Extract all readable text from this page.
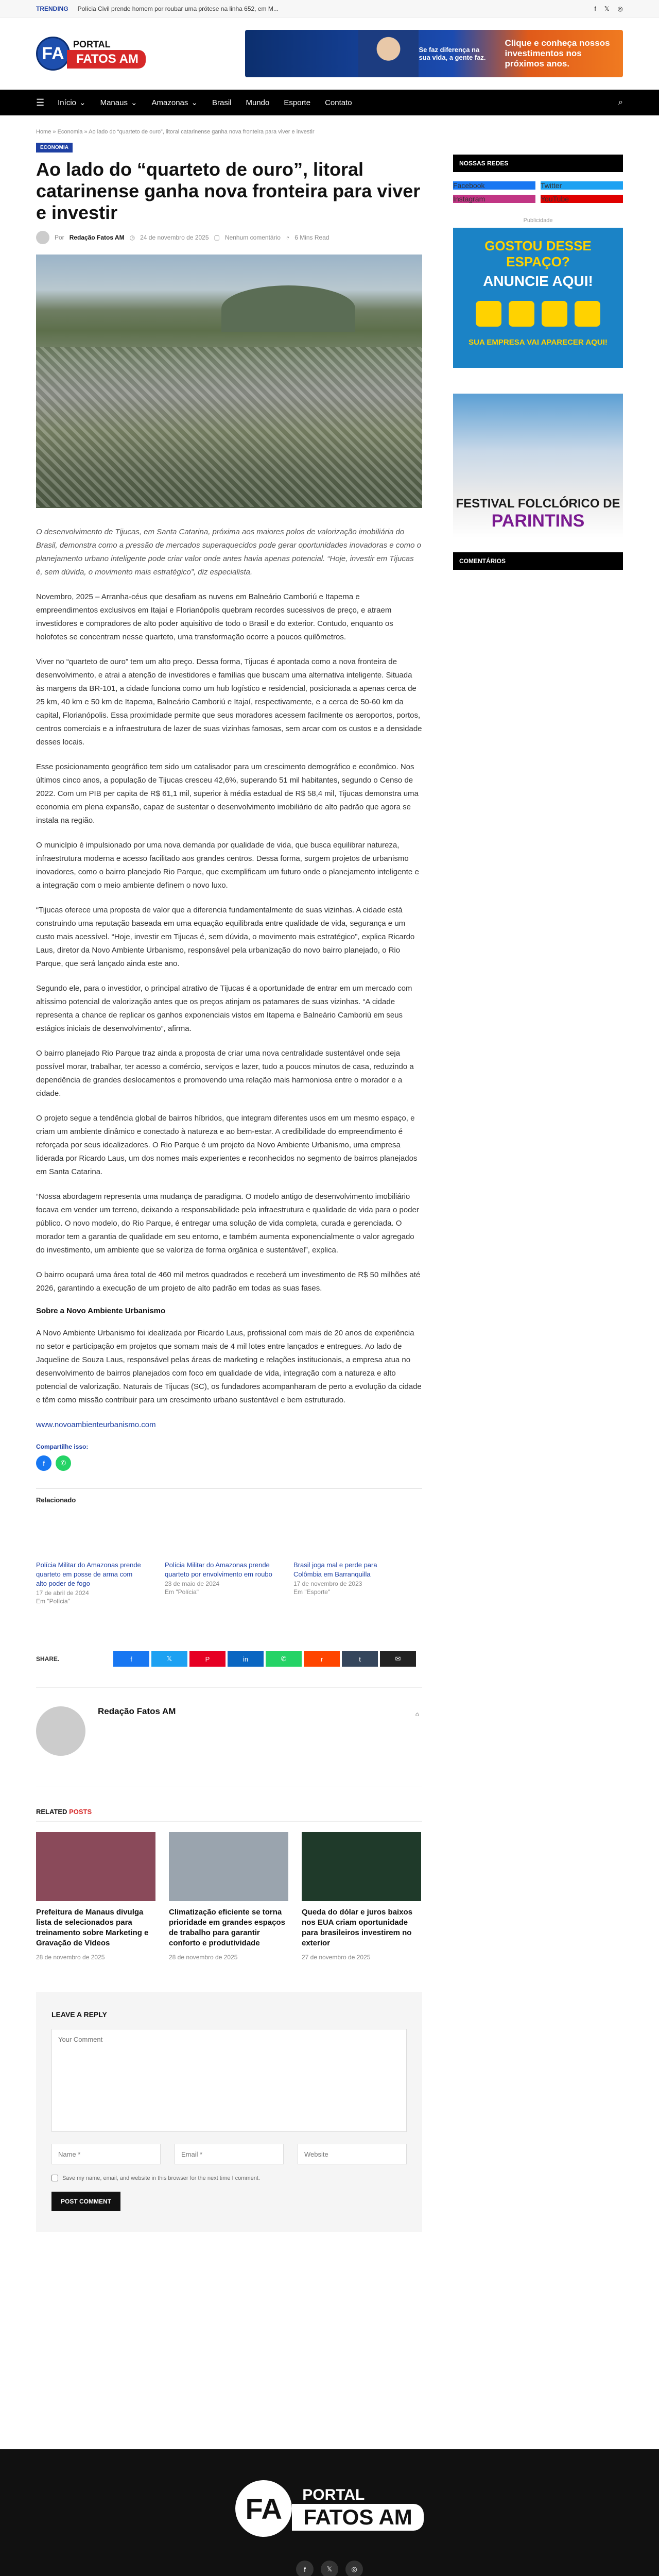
TRENDING Polícia Civil prende homem por roubar uma prótese na linha 652, em M...	f 𝕏 ◎
FA PORTAL
FATOS AM
Se faz diferença na sua vida, a gente faz.
Clique e conheça nossos investimentos nos próximos anos.
☰ Início ⌄ Manaus ⌄ Amazonas ⌄ Brasil Mundo Esporte Contato	⌕
Home » Economia » Ao lado do “quarteto de ouro”, litoral catarinense ganha nova fronteira para viver e investir
ECONOMIA
Ao lado do “quarteto de ouro”, litoral catarinense ganha nova fronteira para viver e investir
Por Redação Fatos AM ◷ 24 de novembro de 2025 ▢ Nenhum comentário ◔ 6 Mins Read

O desenvolvimento de Tijucas, em Santa Catarina, próxima aos maiores polos de valorização imobiliária do Brasil, demonstra como a pressão de mercados superaquecidos pode gerar oportunidades inovadoras e como o planejamento urbano inteligente pode criar valor onde antes havia apenas potencial. “Hoje, investir em Tijucas é, sem dúvida, o movimento mais estratégico”, diz especialista.

Novembro, 2025 – Arranha-céus que desafiam as nuvens em Balneário Camboriú e Itapema e empreendimentos exclusivos em Itajaí e Florianópolis quebram recordes sucessivos de preço, e atraem investidores e compradores de alto poder aquisitivo de todo o Brasil e do exterior. Contudo, enquanto os holofotes se concentram nesse quarteto, uma transformação ocorre a poucos quilômetros.

Viver no “quarteto de ouro” tem um alto preço. Dessa forma, Tijucas é apontada como a nova fronteira de desenvolvimento, e atrai a atenção de investidores e famílias que buscam uma alternativa inteligente. Situada às margens da BR-101, a cidade funciona como um hub logístico e residencial, posicionada a apenas cerca de 25 km, 40 km e 50 km de Itapema, Balneário Camboriú e Itajaí, respectivamente, e a cerca de 50-60 km da capital, Florianópolis. Essa proximidade permite que seus moradores acessem facilmente os aeroportos, portos, centros comerciais e a infraestrutura de lazer de suas vizinhas famosas, sem arcar com os custos e a densidade desses locais.

Esse posicionamento geográfico tem sido um catalisador para um crescimento demográfico e econômico. Nos últimos cinco anos, a população de Tijucas cresceu 42,6%, superando 51 mil habitantes, segundo o Censo de 2022. Com um PIB per capita de R$ 61,1 mil, superior à média estadual de R$ 58,4 mil, Tijucas demonstra uma economia em plena expansão, capaz de sustentar o desenvolvimento imobiliário de alto padrão que agora se instala na região.

O município é impulsionado por uma nova demanda por qualidade de vida, que busca equilibrar natureza, infraestrutura moderna e acesso facilitado aos grandes centros. Dessa forma, surgem projetos de urbanismo inovadores, como o bairro planejado Rio Parque, que exemplificam um futuro onde o planejamento inteligente e a integração com o meio ambiente definem o novo luxo.

“Tijucas oferece uma proposta de valor que a diferencia fundamentalmente de suas vizinhas. A cidade está construindo uma reputação baseada em uma equação equilibrada entre qualidade de vida, segurança e um custo mais acessível. “Hoje, investir em Tijucas é, sem dúvida, o movimento mais estratégico”, explica Ricardo Laus, diretor da Novo Ambiente Urbanismo, responsável pela urbanização do novo bairro planejado, o Rio Parque, que será lançado ainda este ano.

Segundo ele, para o investidor, o principal atrativo de Tijucas é a oportunidade de entrar em um mercado com altíssimo potencial de valorização antes que os preços atinjam os patamares de suas vizinhas. “A cidade representa a chance de replicar os ganhos exponenciais vistos em Itapema e Balneário Camboriú em seus estágios iniciais de desenvolvimento”, afirma.

O bairro planejado Rio Parque traz ainda a proposta de criar uma nova centralidade sustentável onde seja possível morar, trabalhar, ter acesso a comércio, serviços e lazer, tudo a poucos minutos de casa, reduzindo a dependência de grandes deslocamentos e promovendo uma relação mais harmoniosa entre o morador e a cidade.

O projeto segue a tendência global de bairros híbridos, que integram diferentes usos em um mesmo espaço, e criam um ambiente dinâmico e conectado à natureza e ao bem-estar. A credibilidade do empreendimento é reforçada por seus idealizadores. O Rio Parque é um projeto da Novo Ambiente Urbanismo, uma empresa liderada por Ricardo Laus, um dos nomes mais experientes e reconhecidos no segmento de bairros planejados em Santa Catarina.

“Nossa abordagem representa uma mudança de paradigma. O modelo antigo de desenvolvimento imobiliário focava em vender um terreno, deixando a responsabilidade pela infraestrutura e qualidade de vida para o poder público. O novo modelo, do Rio Parque, é entregar uma solução de vida completa, curada e gerenciada. O morador tem a garantia de qualidade em seu entorno, e também aumenta exponencialmente o valor agregado do investimento, um ambiente que se valoriza de forma orgânica e sustentável”, explica.

O bairro ocupará uma área total de 460 mil metros quadrados e receberá um investimento de R$ 50 milhões até 2026, garantindo a execução de um projeto de alto padrão em todas as suas fases.

Sobre a Novo Ambiente Urbanismo

A Novo Ambiente Urbanismo foi idealizada por Ricardo Laus, profissional com mais de 20 anos de experiência no setor e participação em projetos que somam mais de 4 mil lotes entre lançados e entregues. Ao lado de Jaqueline de Souza Laus, responsável pelas áreas de marketing e relações institucionais, a empresa atua no desenvolvimento de bairros planejados com foco em qualidade de vida, integração com a natureza e alto potencial de valorização. Naturais de Tijucas (SC), os fundadores acompanharam de perto a evolução da cidade e têm como missão contribuir para um crescimento urbano sustentável e bem estruturado.

www.novoambienteurbanismo.com

Compartilhe isso:
f	✆
Relacionado
Polícia Militar do Amazonas prende quarteto em posse de arma com alto poder de fogo
17 de abril de 2024
Em "Polícia"
Polícia Militar do Amazonas prende quarteto por envolvimento em roubo
23 de maio de 2024
Em "Polícia"
Brasil joga mal e perde para Colômbia em Barranquilla
17 de novembro de 2023
Em "Esporte"
SHARE.	f	𝕏	P	in	✆	r	t	✉
Redação Fatos AM	⌂
RELATED POSTS
Prefeitura de Manaus divulga lista de selecionados para treinamento sobre Marketing e Gravação de Vídeos
28 de novembro de 2025
Climatização eficiente se torna prioridade em grandes espaços de trabalho para garantir conforto e produtividade
28 de novembro de 2025
Queda do dólar e juros baixos nos EUA criam oportunidade para brasileiros investirem no exterior
27 de novembro de 2025
LEAVE A REPLY
Your Comment
Name *
Email *
Website
Save my name, email, and website in this browser for the next time I comment.
POST COMMENT
NOSSAS REDES
Facebook	Twitter
Instagram	YouTube
Publicidade
GOSTOU DESSE ESPAÇO?
ANUNCIE AQUI!
SUA EMPRESA VAI APARECER AQUI!
FESTIVAL FOLCLÓRICO DE
PARINTINS
COMENTÁRIOS
FA	PORTAL
FATOS AM
f	𝕏	◎
